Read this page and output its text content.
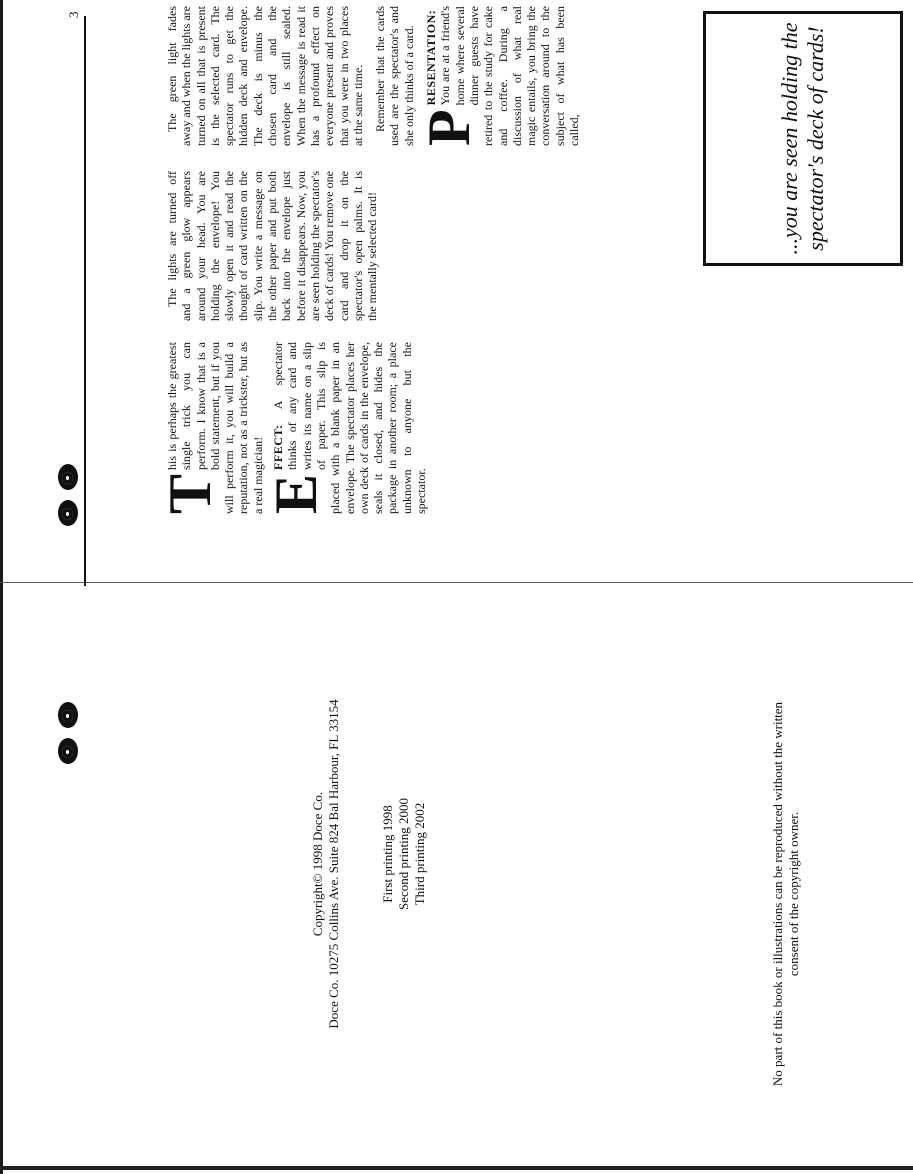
Copyright© 1998 Doce Co. Doce Co. 10275 Collins Ave. Suite 824 Bal Harbour, FL 33154	First printing 1998 Second printing 2000 Third printing 2002	No part of this book or illustrations can be reproduced without the written consent of the copyright owner.
3

T
his is perhaps the greatest single trick you can perform. I know that is a bold statement, but if you will perform it, you will build a reputation, not as a trickster, but as a real magician!

E
FFECT: A spectator thinks of any card and writes its name on a slip of paper. This slip is placed with a blank paper in an envelope. The spectator places her own deck of cards in the envelope, seals it closed, and hides the package in another room; a place unknown to anyone but the spectator.

The lights are turned off and a green glow appears around your head. You are holding the envelope! You slowly open it and read the thought of card written on the slip. You write a message on the other paper and put both back into the envelope just before it disappears. Now, you are seen holding the spectator's deck of cards! You remove one card and drop it on the spectator's open palms. It is the mentally selected card!

The green light fades away and when the lights are turned on all that is present is the selected card. The spectator runs to get the hidden deck and envelope. The deck is minus the chosen card and the envelope is still sealed. When the message is read it has a profound effect on everyone present and proves that you were in two places at the same time. Remember that the cards used are the spectator's and she only thinks of a card. P
RESENTATION: You are at a friend's home where several dinner guests have retired to the study for cake and coffee. During a discussion of what real magic entails, you bring the conversation around to the subject of what has been called,	...you are seen holding the spectator's deck of cards!
